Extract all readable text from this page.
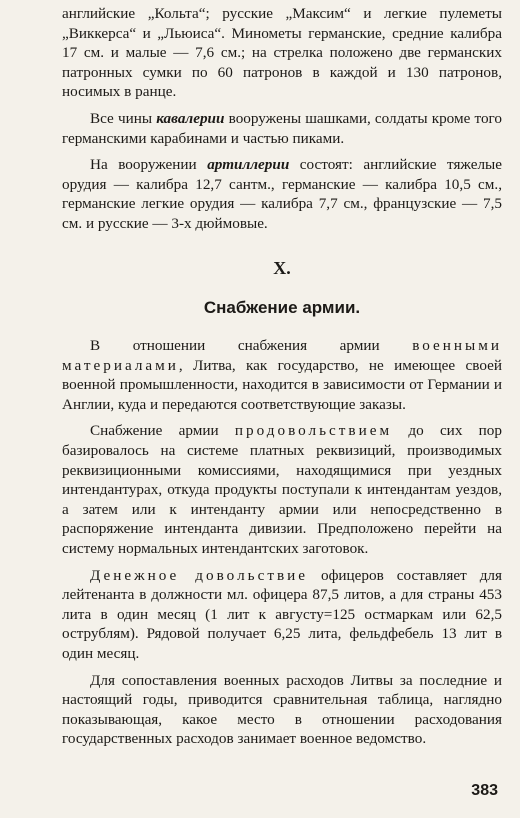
английские „Кольта“; русские „Максим“ и легкие пулеметы „Виккерса“ и „Льюиса“. Минометы германские, средние калибра 17 см. и малые — 7,6 см.; на стрелка положено две германских патронных сумки по 60 патронов в каждой и 130 патронов, носимых в ранце.

Все чины кавалерии вооружены шашками, солдаты кроме того германскими карабинами и частью пиками.

На вооружении артиллерии состоят: английские тяжелые орудия — калибра 12,7 сантм., германские — калибра 10,5 см., германские легкие орудия — калибра 7,7 см., французские — 7,5 см. и русские — 3-х дюймовые.

X.
Снабжение армии.

В отношении снабжения армии военными материалами, Литва, как государство, не имеющее своей военной промышленности, находится в зависимости от Германии и Англии, куда и передаются соответствующие заказы.

Снабжение армии продовольствием до сих пор базировалось на системе платных реквизиций, производимых реквизиционными комиссиями, находящимися при уездных интендантурах, откуда продукты поступали к интендантам уездов, а затем или к интенданту армии или непосредственно в распоряжение интенданта дивизии. Предположено перейти на систему нормальных интендантских заготовок.

Денежное довольствие офицеров составляет для лейтенанта в должности мл. офицера 87,5 литов, а для страны 453 лита в один месяц (1 лит к августу=125 остмаркам или 62,5 острублям). Рядовой получает 6,25 лита, фельдфебель 13 лит в один месяц.

Для сопоставления военных расходов Литвы за последние и настоящий годы, приводится сравнительная таблица, наглядно показывающая, какое место в отношении расходования государственных расходов занимает военное ведомство.

383
